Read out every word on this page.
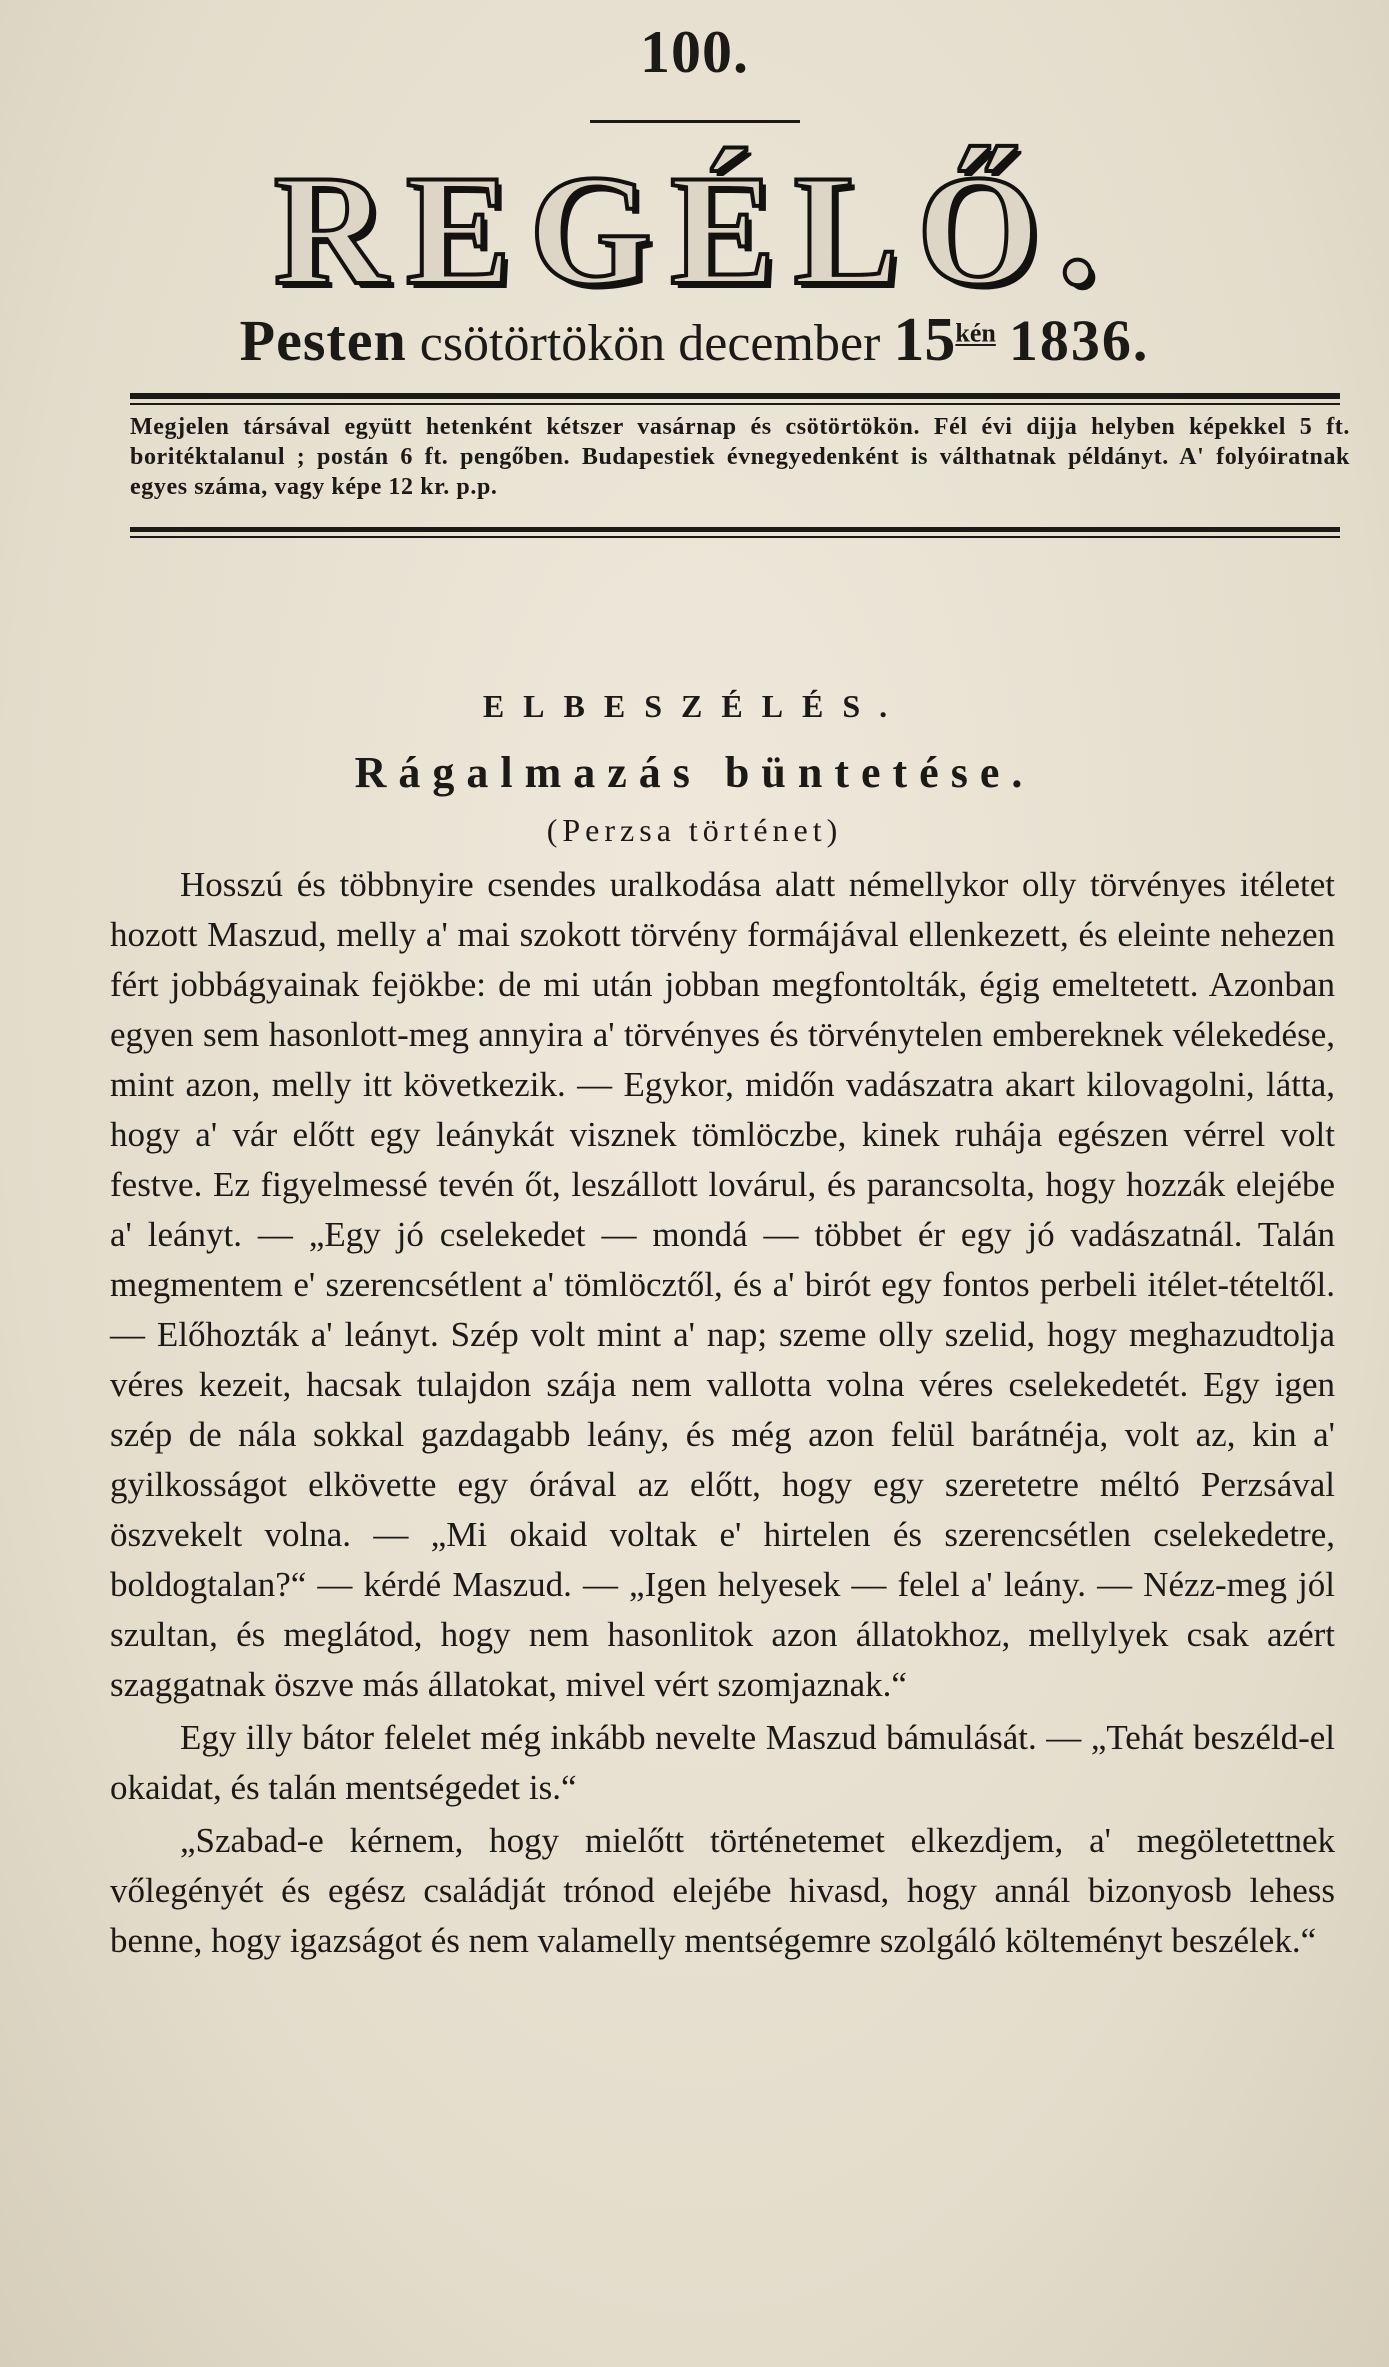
100.
REGÉLŐ.
Pesten csötörtökön december $15^{kén}$ 1836.
Megjelen társával együtt hetenként kétszer vasárnap és csötörtökön. Fél évi dijja helyben képekkel 5 ft. boritéktalanul ; postán 6 ft. pengőben. Budapestiek évnegyedenként is válthatnak példányt. A' folyóiratnak egyes száma, vagy képe 12 kr. p.p.
ELBESZÉLÉS.
Rágalmazás büntetése.
(Perzsa történet)

Hosszú és többnyire csendes uralkodása alatt némellykor olly törvényes itéletet hozott Maszud, melly a' mai szokott törvény formájával ellenkezett, és eleinte nehezen fért jobbágyainak fejökbe: de mi után jobban megfontolták, égig emeltetett. Azonban egyen sem hasonlott-meg annyira a' törvényes és törvénytelen embereknek vélekedése, mint azon, melly itt következik. — Egykor, midőn vadászatra akart kilovagolni, látta, hogy a' vár előtt egy leánykát visznek tömlöczbe, kinek ruhája egészen vérrel volt festve. Ez figyelmessé tevén őt, leszállott lovárul, és parancsolta, hogy hozzák elejébe a' leányt. — „Egy jó cselekedet — mondá — többet ér egy jó vadászatnál. Talán megmentem e' szerencsétlent a' tömlöcztől, és a' birót egy fontos perbeli itélet-tételtől. — Előhozták a' leányt. Szép volt mint a' nap; szeme olly szelid, hogy meghazudtolja véres kezeit, hacsak tulajdon szája nem vallotta volna véres cselekedetét. Egy igen szép de nála sokkal gazdagabb leány, és még azon felül barátnéja, volt az, kin a' gyilkosságot elkövette egy órával az előtt, hogy egy szeretetre méltó Perzsával öszvekelt volna. — „Mi okaid voltak e' hirtelen és szerencsétlen cselekedetre, boldogtalan?“ — kérdé Maszud. — „Igen helyesek — felel a' leány. — Nézz-meg jól szultan, és meglátod, hogy nem hasonlitok azon állatokhoz, mellylyek csak azért szaggatnak öszve más állatokat, mivel vért szomjaznak.“

Egy illy bátor felelet még inkább nevelte Maszud bámulását. — „Tehát beszéld-el okaidat, és talán mentségedet is.“

„Szabad-e kérnem, hogy mielőtt történetemet elkezdjem, a' megöletettnek vőlegényét és egész családját trónod elejébe hivasd, hogy annál bizonyosb lehess benne, hogy igazságot és nem valamelly mentségemre szolgáló költeményt beszélek.“
